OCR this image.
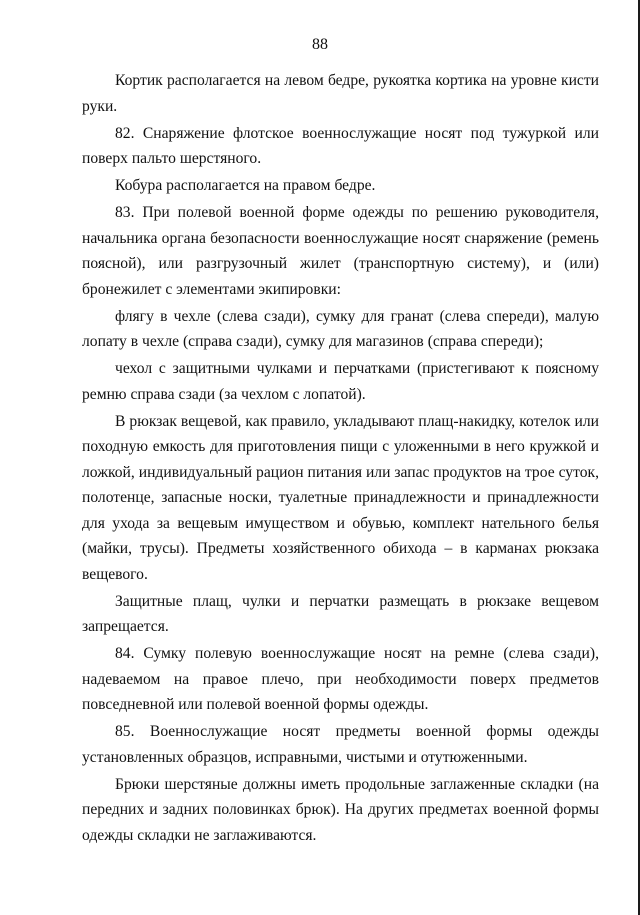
88

Кортик располагается на левом бедре, рукоятка кортика на уровне кисти руки.

82. Снаряжение флотское военнослужащие носят под тужуркой или поверх пальто шерстяного.

Кобура располагается на правом бедре.

83. При полевой военной форме одежды по решению руководителя, начальника органа безопасности военнослужащие носят снаряжение (ремень поясной), или разгрузочный жилет (транспортную систему), и (или) бронежилет с элементами экипировки:

флягу в чехле (слева сзади), сумку для гранат (слева спереди), малую лопату в чехле (справа сзади), сумку для магазинов (справа спереди);

чехол с защитными чулками и перчатками (пристегивают к поясному ремню справа сзади (за чехлом с лопатой).

В рюкзак вещевой, как правило, укладывают плащ-накидку, котелок или походную емкость для приготовления пищи с уложенными в него кружкой и ложкой, индивидуальный рацион питания или запас продуктов на трое суток, полотенце, запасные носки, туалетные принадлежности и принадлежности для ухода за вещевым имуществом и обувью, комплект нательного белья (майки, трусы). Предметы хозяйственного обихода – в карманах рюкзака вещевого.

Защитные плащ, чулки и перчатки размещать в рюкзаке вещевом запрещается.

84. Сумку полевую военнослужащие носят на ремне (слева сзади), надеваемом на правое плечо, при необходимости поверх предметов повседневной или полевой военной формы одежды.

85. Военнослужащие носят предметы военной формы одежды установленных образцов, исправными, чистыми и отутюженными.

Брюки шерстяные должны иметь продольные заглаженные складки (на передних и задних половинках брюк). На других предметах военной формы одежды складки не заглаживаются.
